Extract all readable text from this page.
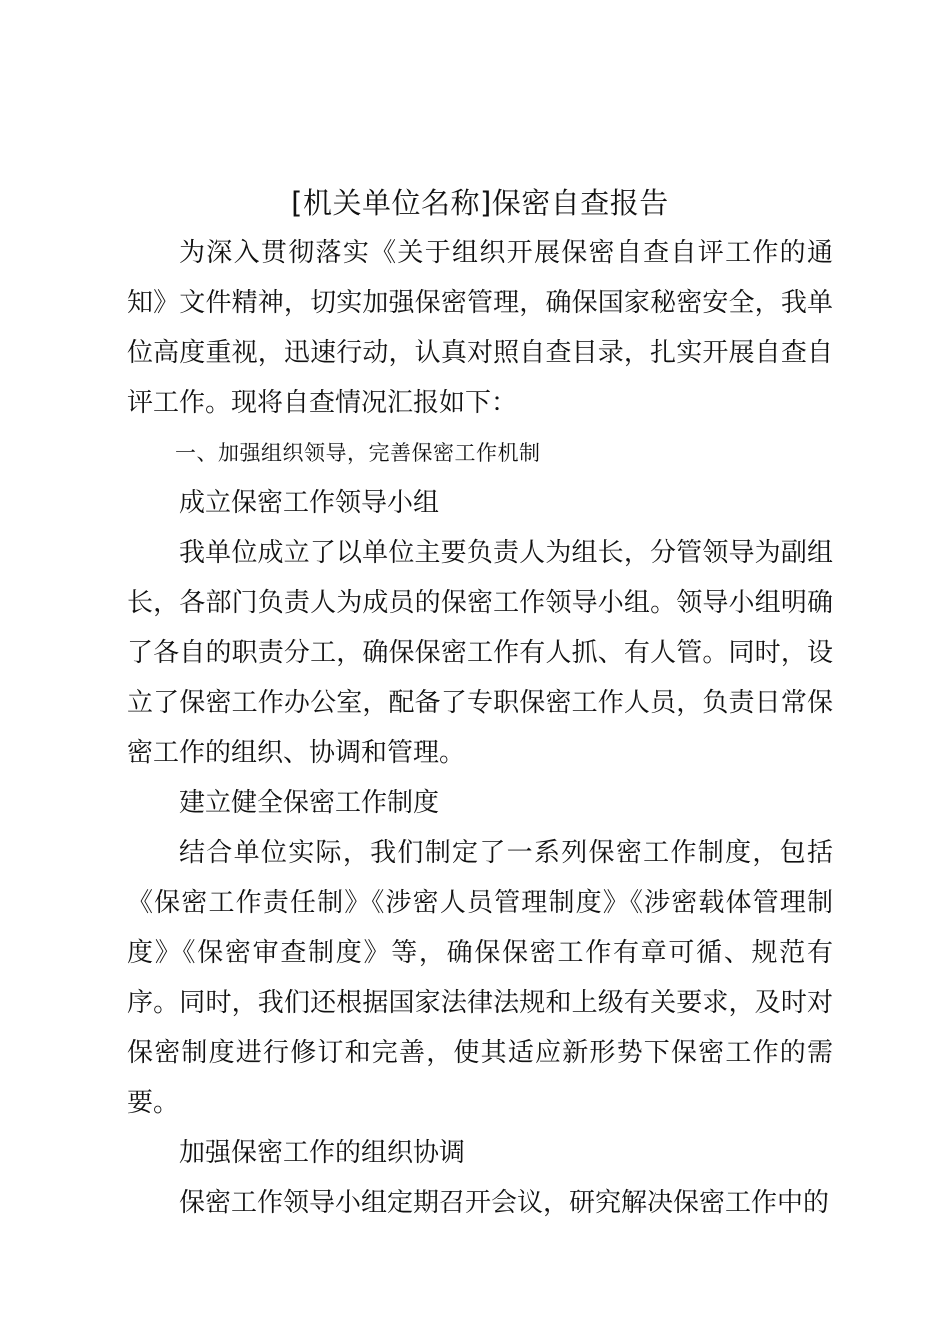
[机关单位名称]保密自查报告

为深入贯彻落实《关于组织开展保密自查自评工作的通知》文件精神，切实加强保密管理，确保国家秘密安全，我单位高度重视，迅速行动，认真对照自查目录，扎实开展自查自评工作。现将自查情况汇报如下：

一、加强组织领导，完善保密工作机制

成立保密工作领导小组

我单位成立了以单位主要负责人为组长，分管领导为副组长，各部门负责人为成员的保密工作领导小组。领导小组明确了各自的职责分工，确保保密工作有人抓、有人管。同时，设立了保密工作办公室，配备了专职保密工作人员，负责日常保密工作的组织、协调和管理。

建立健全保密工作制度

结合单位实际，我们制定了一系列保密工作制度，包括《保密工作责任制》《涉密人员管理制度》《涉密载体管理制度》《保密审查制度》等，确保保密工作有章可循、规范有序。同时，我们还根据国家法律法规和上级有关要求，及时对保密制度进行修订和完善，使其适应新形势下保密工作的需要。

加强保密工作的组织协调

保密工作领导小组定期召开会议，研究解决保密工作中的
